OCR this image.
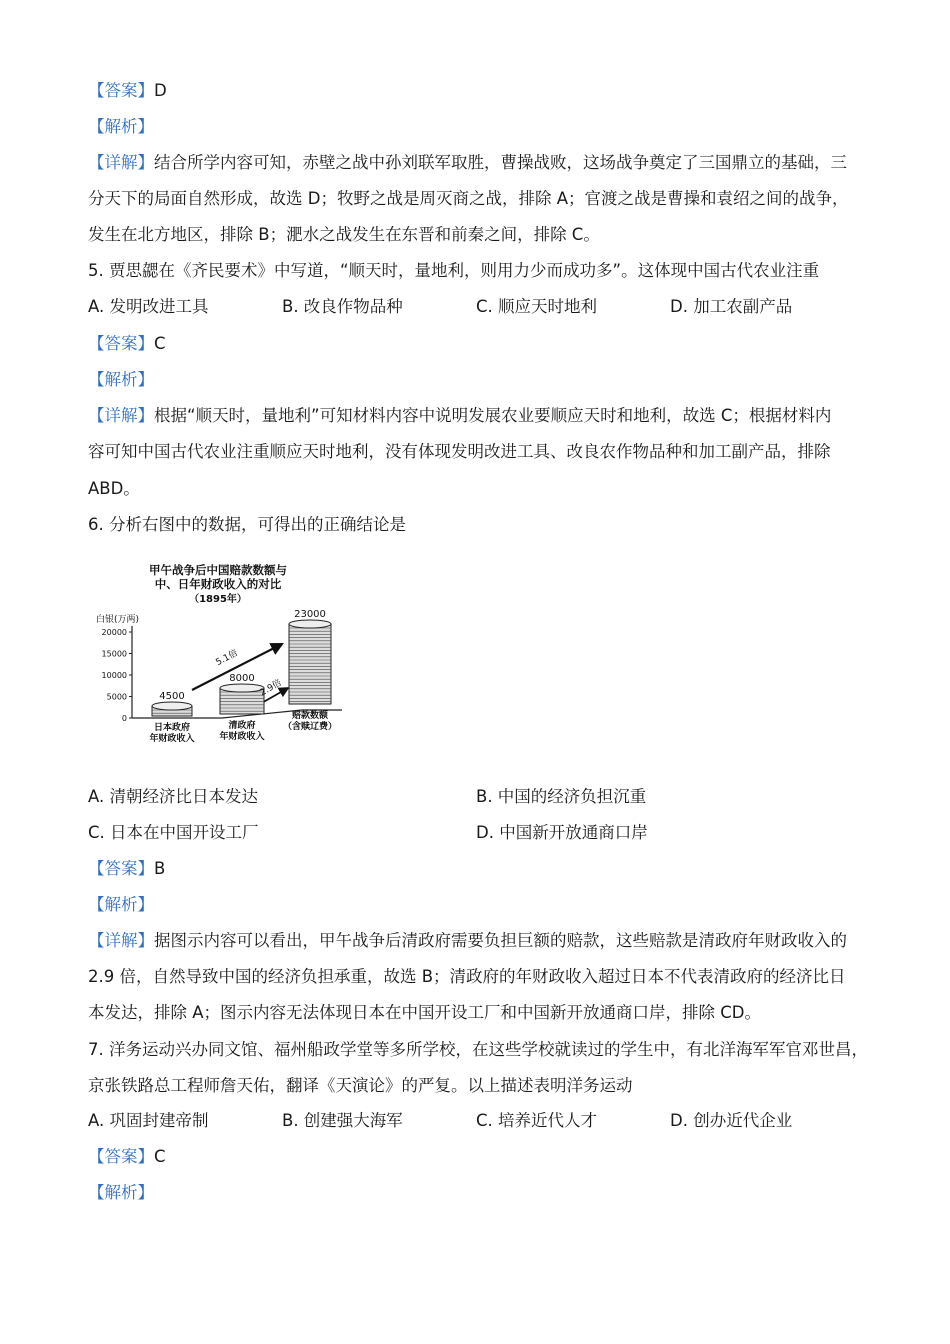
【答案】D
【解析】
【详解】结合所学内容可知，赤壁之战中孙刘联军取胜，曹操战败，这场战争奠定了三国鼎立的基础，三
分天下的局面自然形成，故选 D；牧野之战是周灭商之战，排除 A；官渡之战是曹操和袁绍之间的战争，
发生在北方地区，排除 B；淝水之战发生在东晋和前秦之间，排除 C。
5. 贾思勰在《齐民要术》中写道，“顺天时，量地利，则用力少而成功多”。这体现中国古代农业注重
A. 发明改进工具	B. 改良作物品种	C. 顺应天时地利	D. 加工农副产品
【答案】C
【解析】
【详解】根据“顺天时，量地利”可知材料内容中说明发展农业要顺应天时和地利，故选 C；根据材料内
容可知中国古代农业注重顺应天时地利，没有体现发明改进工具、改良农作物品种和加工副产品，排除
ABD。
6. 分析右图中的数据，可得出的正确结论是
甲午战争后中国赔款数额与
中、日年财政收入的对比
（1895年）
白银(万两)
20000
15000
10000
5000
0
4500
日本政府
年财政收入
8000
清政府
年财政收入
23000
赔款数额
（含赎辽费）
5.1倍
2.9倍
A. 清朝经济比日本发达	B. 中国的经济负担沉重
C. 日本在中国开设工厂	D. 中国新开放通商口岸
【答案】B
【解析】
【详解】据图示内容可以看出，甲午战争后清政府需要负担巨额的赔款，这些赔款是清政府年财政收入的
2.9 倍，自然导致中国的经济负担承重，故选 B；清政府的年财政收入超过日本不代表清政府的经济比日
本发达，排除 A；图示内容无法体现日本在中国开设工厂和中国新开放通商口岸，排除 CD。
7. 洋务运动兴办同文馆、福州船政学堂等多所学校，在这些学校就读过的学生中，有北洋海军军官邓世昌，
京张铁路总工程师詹天佑，翻译《天演论》的严复。以上描述表明洋务运动
A. 巩固封建帝制	B. 创建强大海军	C. 培养近代人才	D. 创办近代企业
【答案】C
【解析】
